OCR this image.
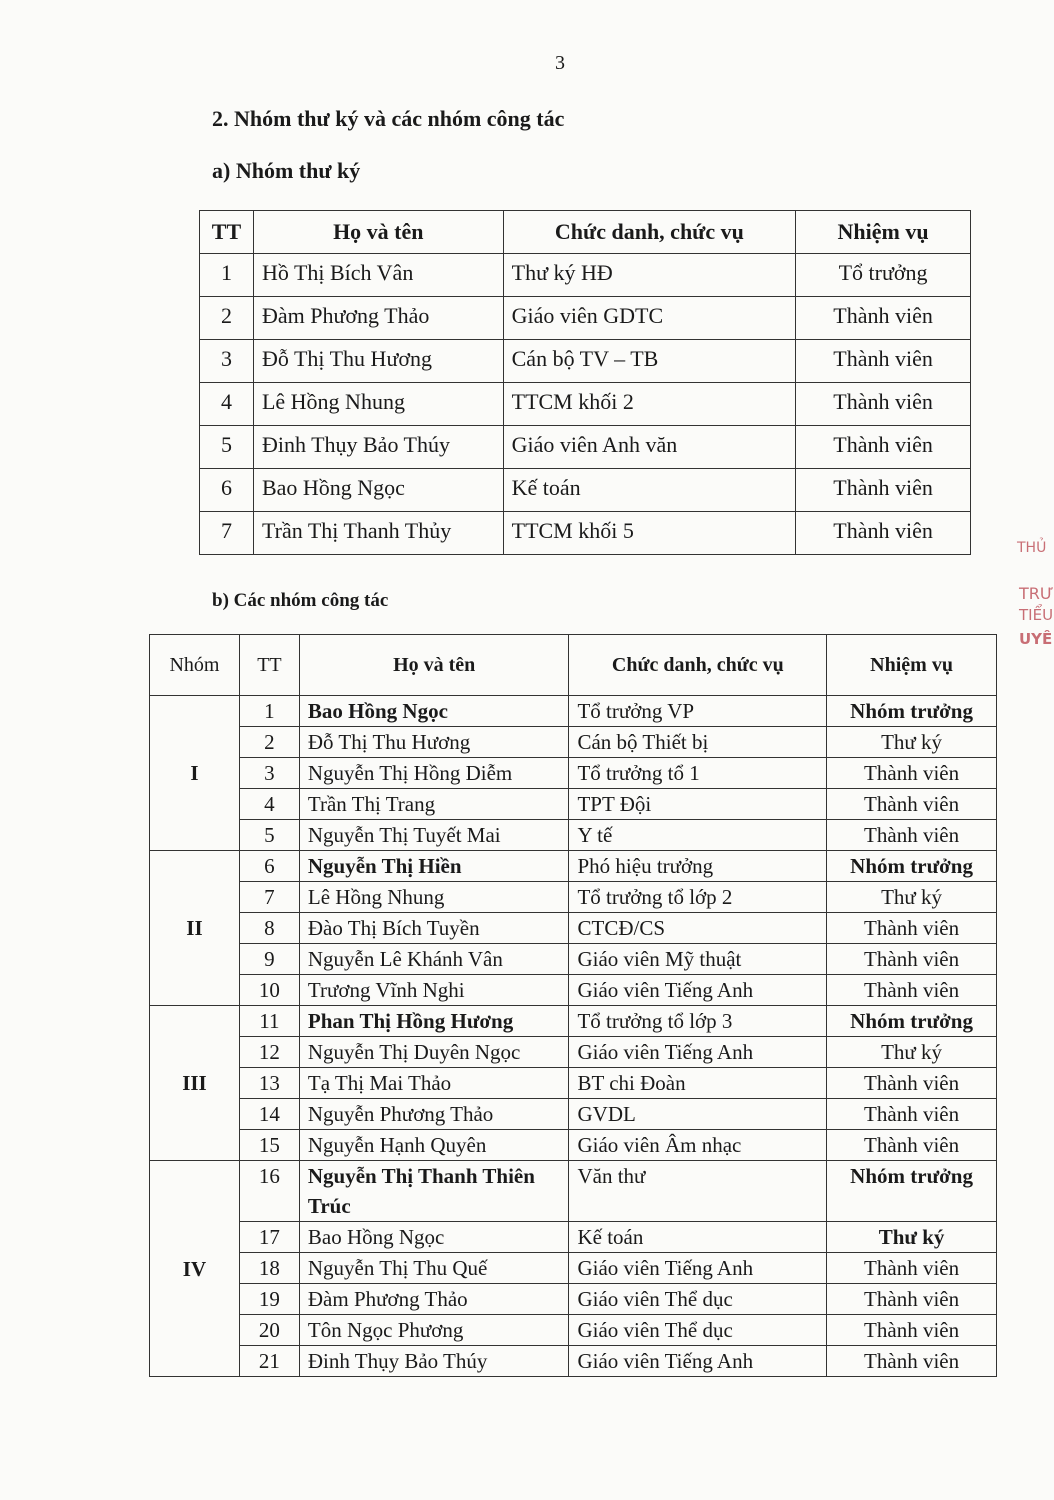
3
2. Nhóm thư ký và các nhóm công tác
a) Nhóm thư ký
TT	Họ và tên	Chức danh, chức vụ	Nhiệm vụ
1	Hồ Thị Bích Vân	Thư ký HĐ	Tổ trưởng
2	Đàm Phương Thảo	Giáo viên GDTC	Thành viên
3	Đỗ Thị Thu Hương	Cán bộ TV – TB	Thành viên
4	Lê Hồng Nhung	TTCM khối 2	Thành viên
5	Đinh Thụy Bảo Thúy	Giáo viên Anh văn	Thành viên
6	Bao Hồng Ngọc	Kế toán	Thành viên
7	Trần Thị Thanh Thủy	TTCM khối 5	Thành viên
b) Các nhóm công tác
Nhóm	TT	Họ và tên	Chức danh, chức vụ	Nhiệm vụ
I	1	Bao Hồng Ngọc	Tổ trưởng VP	Nhóm trưởng
	2	Đỗ Thị Thu Hương	Cán bộ Thiết bị	Thư ký
	3	Nguyễn Thị Hồng Diễm	Tổ trưởng tổ 1	Thành viên
	4	Trần Thị Trang	TPT Đội	Thành viên
	5	Nguyễn Thị Tuyết Mai	Y tế	Thành viên
II	6	Nguyễn Thị Hiền	Phó hiệu trưởng	Nhóm trưởng
	7	Lê Hồng Nhung	Tổ trưởng tổ lớp 2	Thư ký
	8	Đào Thị Bích Tuyền	CTCĐ/CS	Thành viên
	9	Nguyễn Lê Khánh Vân	Giáo viên Mỹ thuật	Thành viên
	10	Trương Vĩnh Nghi	Giáo viên Tiếng Anh	Thành viên
III	11	Phan Thị Hồng Hương	Tổ trưởng tổ lớp 3	Nhóm trưởng
	12	Nguyễn Thị Duyên Ngọc	Giáo viên Tiếng Anh	Thư ký
	13	Tạ Thị Mai Thảo	BT chi Đoàn	Thành viên
	14	Nguyễn Phương Thảo	GVDL	Thành viên
	15	Nguyễn Hạnh Quyên	Giáo viên Âm nhạc	Thành viên
IV	16	Nguyễn Thị Thanh Thiên Trúc	Văn thư	Nhóm trưởng
	17	Bao Hồng Ngọc	Kế toán	Thư ký
	18	Nguyễn Thị Thu Quế	Giáo viên Tiếng Anh	Thành viên
	19	Đàm Phương Thảo	Giáo viên Thể dục	Thành viên
	20	Tôn Ngọc Phương	Giáo viên Thể dục	Thành viên
	21	Đinh Thụy Bảo Thúy	Giáo viên Tiếng Anh	Thành viên
THỦ
TRƯ
TIỂU
UYÊ
